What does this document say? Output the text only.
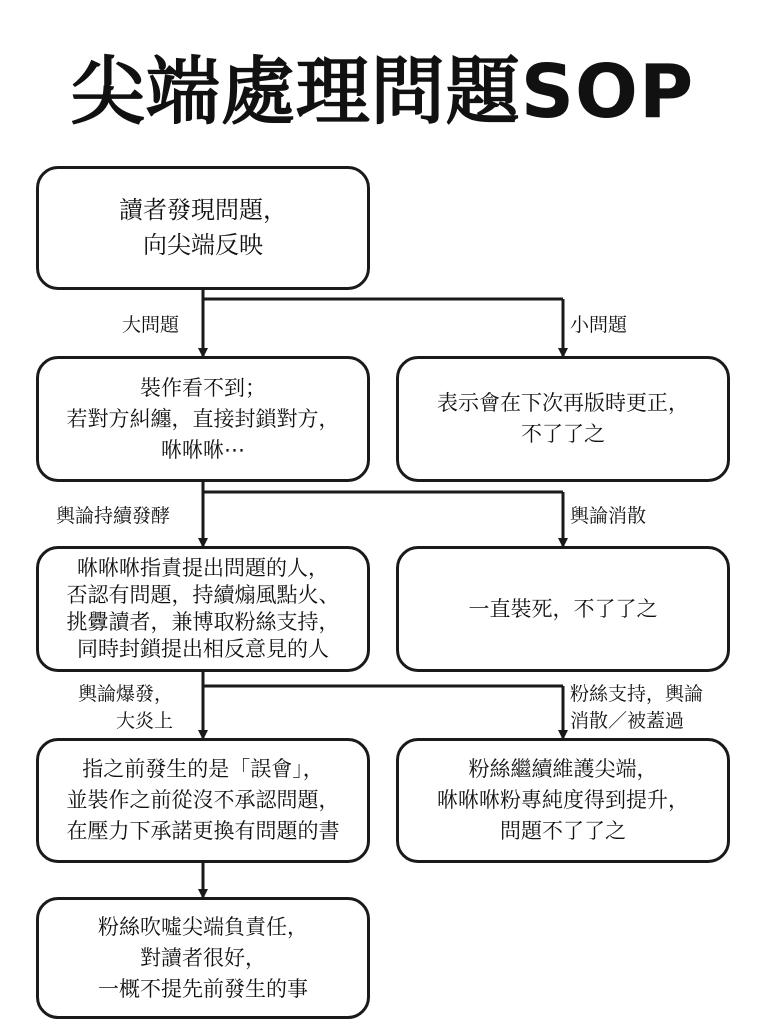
尖端處理問題SOP
讀者發現問題，
向尖端反映
裝作看不到；
若對方糾纏，直接封鎖對方，
咻咻咻⋯
表示會在下次再版時更正，
不了了之
咻咻咻指責提出問題的人，
否認有問題，持續煽風點火、
挑釁讀者，兼博取粉絲支持，
同時封鎖提出相反意見的人
一直裝死，不了了之
指之前發生的是「誤會」，
並裝作之前從沒不承認問題，
在壓力下承諾更換有問題的書
粉絲繼續維護尖端，
咻咻咻粉專純度得到提升，
問題不了了之
粉絲吹噓尖端負責任，
對讀者很好，
一概不提先前發生的事
大問題	小問題
輿論持續發酵	輿論消散
輿論爆發，
大炎上
粉絲支持，輿論
消散／被蓋過
